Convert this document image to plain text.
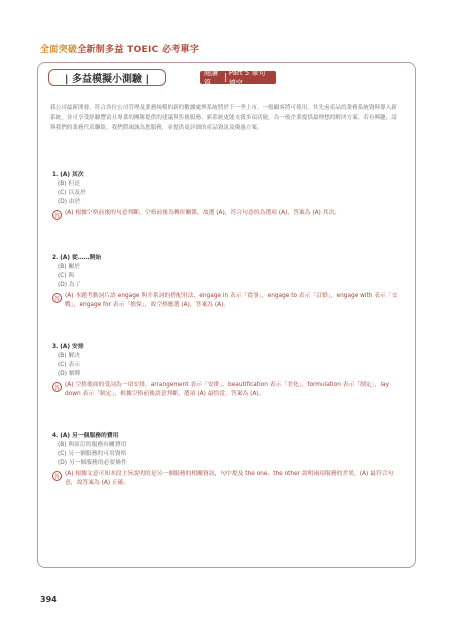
全面突破全新制多益 TOEIC 必考單字
| 多益模擬小測驗 |
閱讀篇
Part 5 單句填空
我公司最新開發、符合各位公司管理及業務規模的新的數據處理系統將於下一季上市。一般顧客將可使用。其先前產品的業務系統資料導入新系統，並可享受經驗豐富且專業的團隊提供的建議與售後服務。新系統更能支援多項功能，為一般企業提供最理想的解決方案。若有興趣，請與我們的業務代表聯絡，我們將竭誠為您服務，並提供更詳細的產品資訊及優惠方案。
1. (A) 其次
(B) 但是
(C) 以及於
(D) 由於
答 (A) 根據空格前後的句意判斷，空格前後為轉折關係，故選 (A)，符合句意的為選項 (A)，答案為 (A) 其次。
2. (A) 從……開始
(B) 關於
(C) 與
(D) 為了
答 (A) 本題考動詞片語 engage 與介系詞的搭配用法，engage in 表示「從事」，engage to 表示「訂婚」，engage with 表示「交戰」，engage for 表示「擔保」，故空格應選 (A)，答案為 (A)。
3. (A) 安排
(B) 解決
(C) 表示
(D) 解釋
答 (A) 空格後面的受詞為一項安排，arrangement 表示「安排」，beautification 表示「美化」，formulation 表示「制定」，lay down 表示「制定」，根據空格前後語意判斷，選項 (A) 最恰當，答案為 (A)。
4. (A) 另一個服務的費用
(B) 與原訂的服務有關費用
(C) 另一個服務的可用資格
(D) 另一個服務的必要條件
答 (A) 根據文意可知本段主旨說明的是另一個服務的相關資訊，句中提及 the one、the other 說明兩項服務的差異，(A) 最符合句意，故答案為 (A) 正確。
394
